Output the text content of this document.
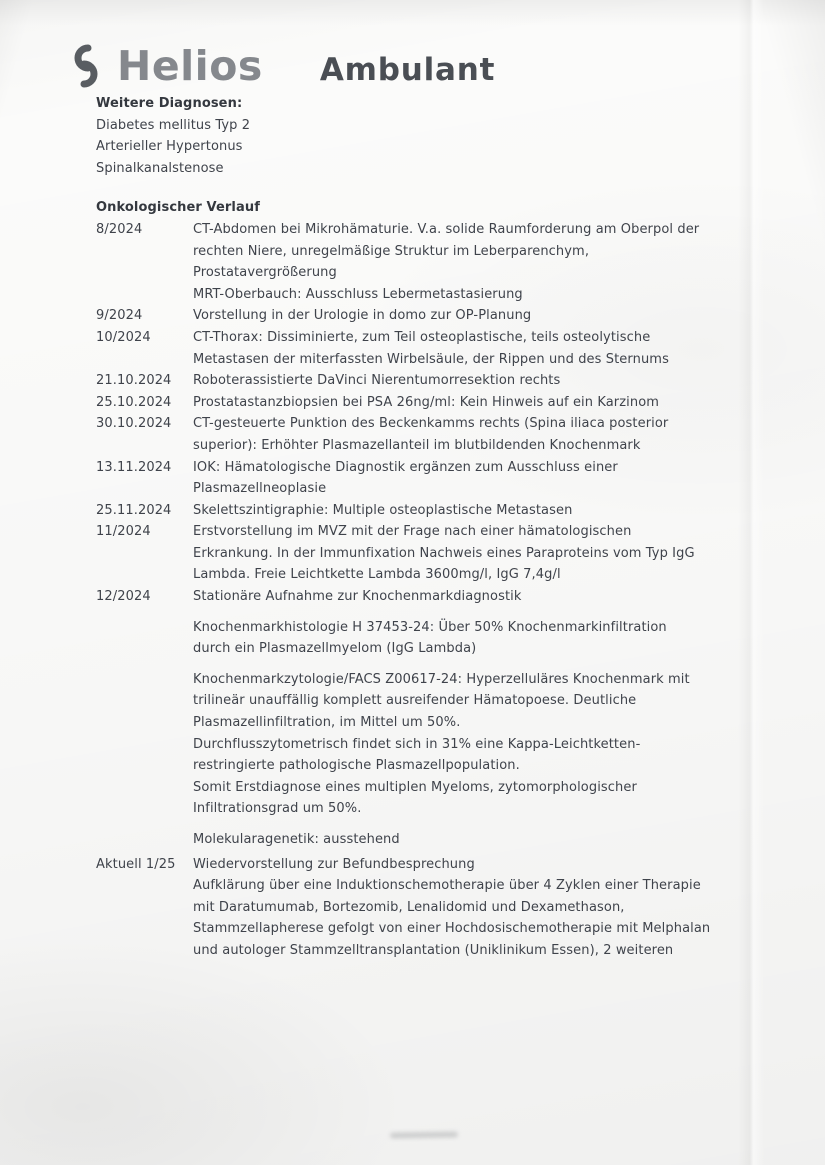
Helios Ambulant
Weitere Diagnosen:
Diabetes mellitus Typ 2
Arterieller Hypertonus
Spinalkanalstenose
Onkologischer Verlauf
8/2024	CT-Abdomen bei Mikrohämaturie. V.a. solide Raumforderung am Oberpol der
rechten Niere, unregelmäßige Struktur im Leberparenchym,
Prostatavergrößerung
MRT-Oberbauch: Ausschluss Lebermetastasierung
9/2024	Vorstellung in der Urologie in domo zur OP-Planung
10/2024	CT-Thorax: Dissiminierte, zum Teil osteoplastische, teils osteolytische
Metastasen der miterfassten Wirbelsäule, der Rippen und des Sternums
21.10.2024	Roboterassistierte DaVinci Nierentumorresektion rechts
25.10.2024	Prostatastanzbiopsien bei PSA 26ng/ml: Kein Hinweis auf ein Karzinom
30.10.2024	CT-gesteuerte Punktion des Beckenkamms rechts (Spina iliaca posterior
superior): Erhöhter Plasmazellanteil im blutbildenden Knochenmark
13.11.2024	IOK: Hämatologische Diagnostik ergänzen zum Ausschluss einer
Plasmazellneoplasie
25.11.2024	Skelettszintigraphie: Multiple osteoplastische Metastasen
11/2024	Erstvorstellung im MVZ mit der Frage nach einer hämatologischen
Erkrankung. In der Immunfixation Nachweis eines Paraproteins vom Typ IgG
Lambda. Freie Leichtkette Lambda 3600mg/l, IgG 7,4g/l
12/2024	Stationäre Aufnahme zur Knochenmarkdiagnostik
Knochenmarkhistologie H 37453-24: Über 50% Knochenmarkinfiltration
durch ein Plasmazellmyelom (IgG Lambda)
Knochenmarkzytologie/FACS Z00617-24: Hyperzelluläres Knochenmark mit
trilineär unauffällig komplett ausreifender Hämatopoese. Deutliche
Plasmazellinfiltration, im Mittel um 50%.
Durchflusszytometrisch findet sich in 31% eine Kappa-Leichtketten-
restringierte pathologische Plasmazellpopulation.
Somit Erstdiagnose eines multiplen Myeloms, zytomorphologischer
Infiltrationsgrad um 50%.
Molekularagenetik: ausstehend
Aktuell 1/25	Wiedervorstellung zur Befundbesprechung
Aufklärung über eine Induktionschemotherapie über 4 Zyklen einer Therapie
mit Daratumumab, Bortezomib, Lenalidomid und Dexamethason,
Stammzellapherese gefolgt von einer Hochdosischemotherapie mit Melphalan
und autologer Stammzelltransplantation (Uniklinikum Essen), 2 weiteren
